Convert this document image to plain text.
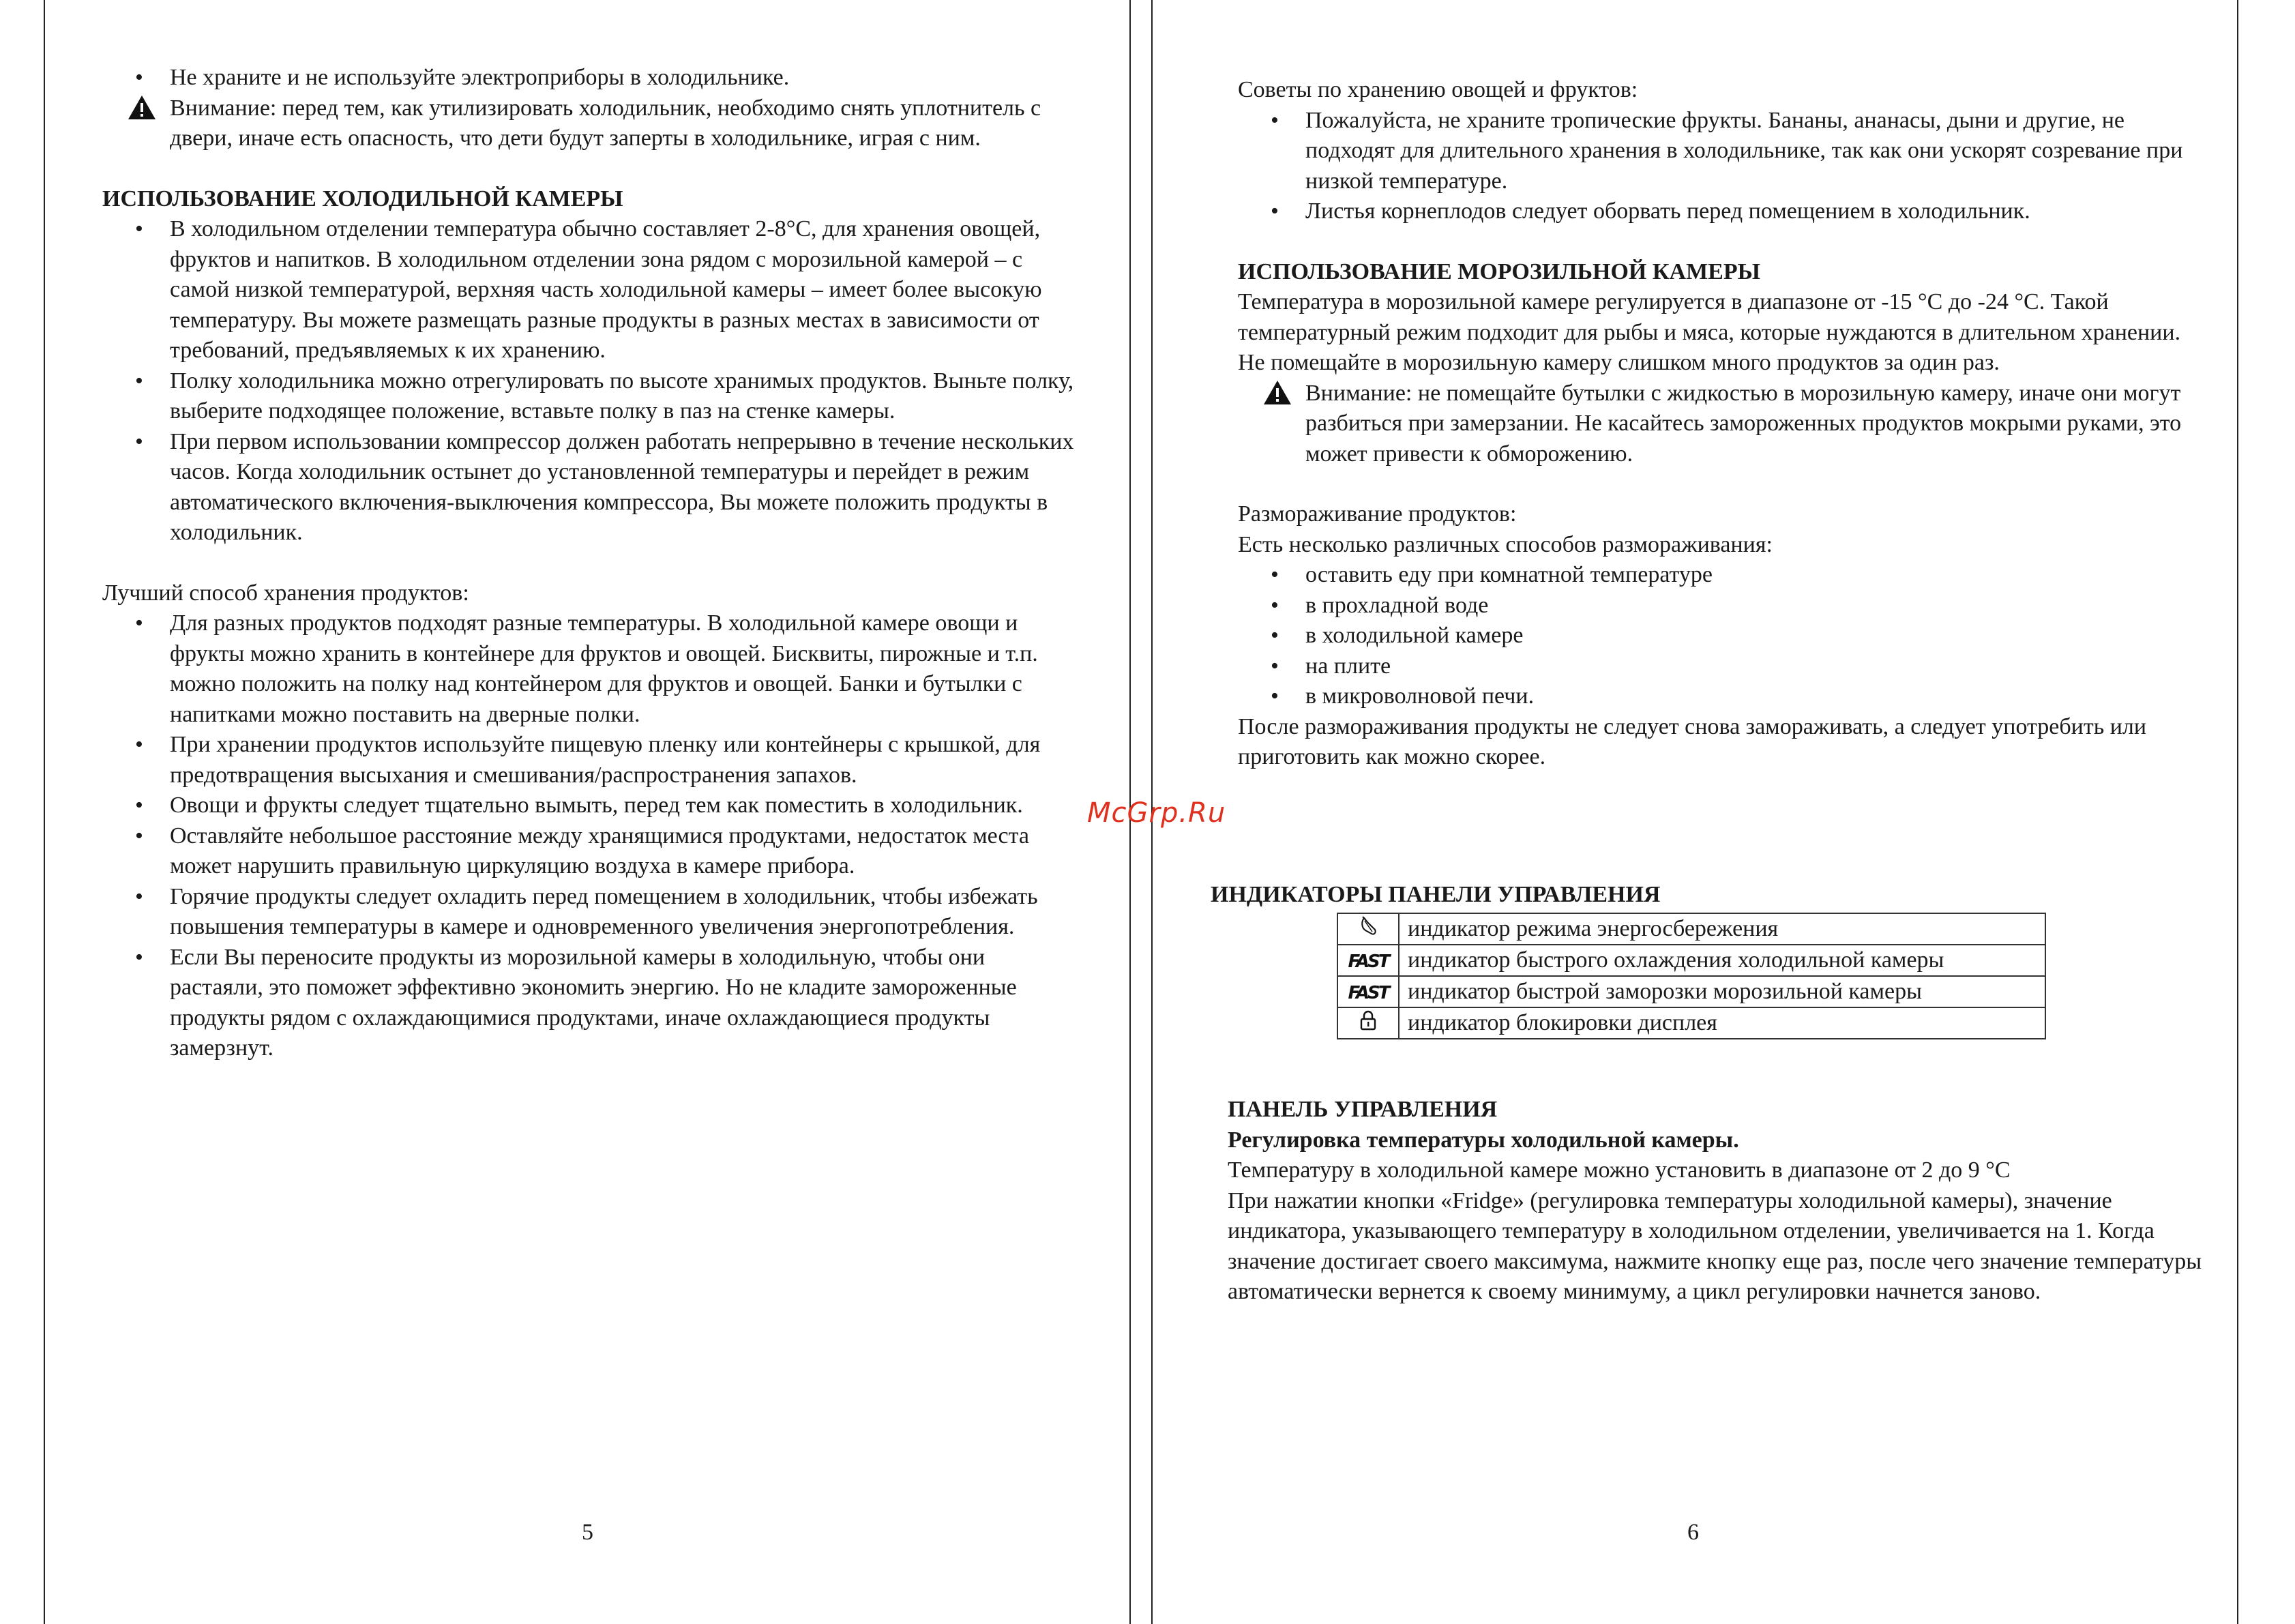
• Не храните и не используйте электроприборы в холодильнике.
Внимание: перед тем, как утилизировать холодильник, необходимо снять уплотнитель с двери, иначе есть опасность, что дети будут заперты в холодильнике, играя с ним.

ИСПОЛЬЗОВАНИЕ ХОЛОДИЛЬНОЙ КАМЕРЫ

• В холодильном отделении температура обычно составляет 2-8°С, для хранения овощей, фруктов и напитков. В холодильном отделении зона рядом с морозильной камерой – с самой низкой температурой, верхняя часть холодильной камеры – имеет более высокую температуру. Вы можете размещать разные продукты в разных местах в зависимости от требований, предъявляемых к их хранению.
• Полку холодильника можно отрегулировать по высоте хранимых продуктов. Выньте полку, выберите подходящее положение, вставьте полку в паз на стенке камеры.
• При первом использовании компрессор должен работать непрерывно в течение нескольких часов. Когда холодильник остынет до установленной температуры и перейдет в режим автоматического включения-выключения компрессора, Вы можете положить продукты в холодильник.

Лучший способ хранения продуктов:

• Для разных продуктов подходят разные температуры. В холодильной камере овощи и фрукты можно хранить в контейнере для фруктов и овощей. Бисквиты, пирожные и т.п. можно положить на полку над контейнером для фруктов и овощей. Банки и бутылки с напитками можно поставить на дверные полки.
• При хранении продуктов используйте пищевую пленку или контейнеры с крышкой, для предотвращения высыхания и смешивания/распространения запахов.
• Овощи и фрукты следует тщательно вымыть, перед тем как поместить в холодильник.
• Оставляйте небольшое расстояние между хранящимися продуктами, недостаток места может нарушить правильную циркуляцию воздуха в камере прибора.
• Горячие продукты следует охладить перед помещением в холодильник, чтобы избежать повышения температуры в камере и одновременного увеличения энергопотребления.
• Если Вы переносите продукты из морозильной камеры в холодильную, чтобы они растаяли, это поможет эффективно экономить энергию. Но не кладите замороженные продукты рядом с охлаждающимися продуктами, иначе охлаждающиеся продукты замерзнут.
5

Советы по хранению овощей и фруктов:

• Пожалуйста, не храните тропические фрукты. Бананы, ананасы, дыни и другие, не подходят для длительного хранения в холодильнике, так как они ускорят созревание при низкой температуре.
• Листья корнеплодов следует оборвать перед помещением в холодильник.

ИСПОЛЬЗОВАНИЕ МОРОЗИЛЬНОЙ КАМЕРЫ

Температура в морозильной камере регулируется в диапазоне от -15 °С до -24 °С. Такой температурный режим подходит для рыбы и мяса, которые нуждаются в длительном хранении. Не помещайте в морозильную камеру слишком много продуктов за один раз.

Внимание: не помещайте бутылки с жидкостью в морозильную камеру, иначе они могут разбиться при замерзании. Не касайтесь замороженных продуктов мокрыми руками, это может привести к обморожению.

Размораживание продуктов:

Есть несколько различных способов размораживания:

• оставить еду при комнатной температуре
• в прохладной воде
• в холодильной камере
• на плите
• в микроволновой печи.

После размораживания продукты не следует снова замораживать, а следует употребить или приготовить как можно скорее.

McGrp.Ru
ИНДИКАТОРЫ ПАНЕЛИ УПРАВЛЕНИЯ
	индикатор режима энергосбережения
FAST	индикатор быстрого охлаждения холодильной камеры
FAST	индикатор быстрой заморозки морозильной камеры
	индикатор блокировки дисплея

ПАНЕЛЬ УПРАВЛЕНИЯ

Регулировка температуры холодильной камеры.

Температуру в холодильной камере можно установить в диапазоне от 2 до 9 °С

При нажатии кнопки «Fridge» (регулировка температуры холодильной камеры), значение индикатора, указывающего температуру в холодильном отделении, увеличивается на 1. Когда значение достигает своего максимума, нажмите кнопку еще раз, после чего значение температуры автоматически вернется к своему минимуму, а цикл регулировки начнется заново.

6
